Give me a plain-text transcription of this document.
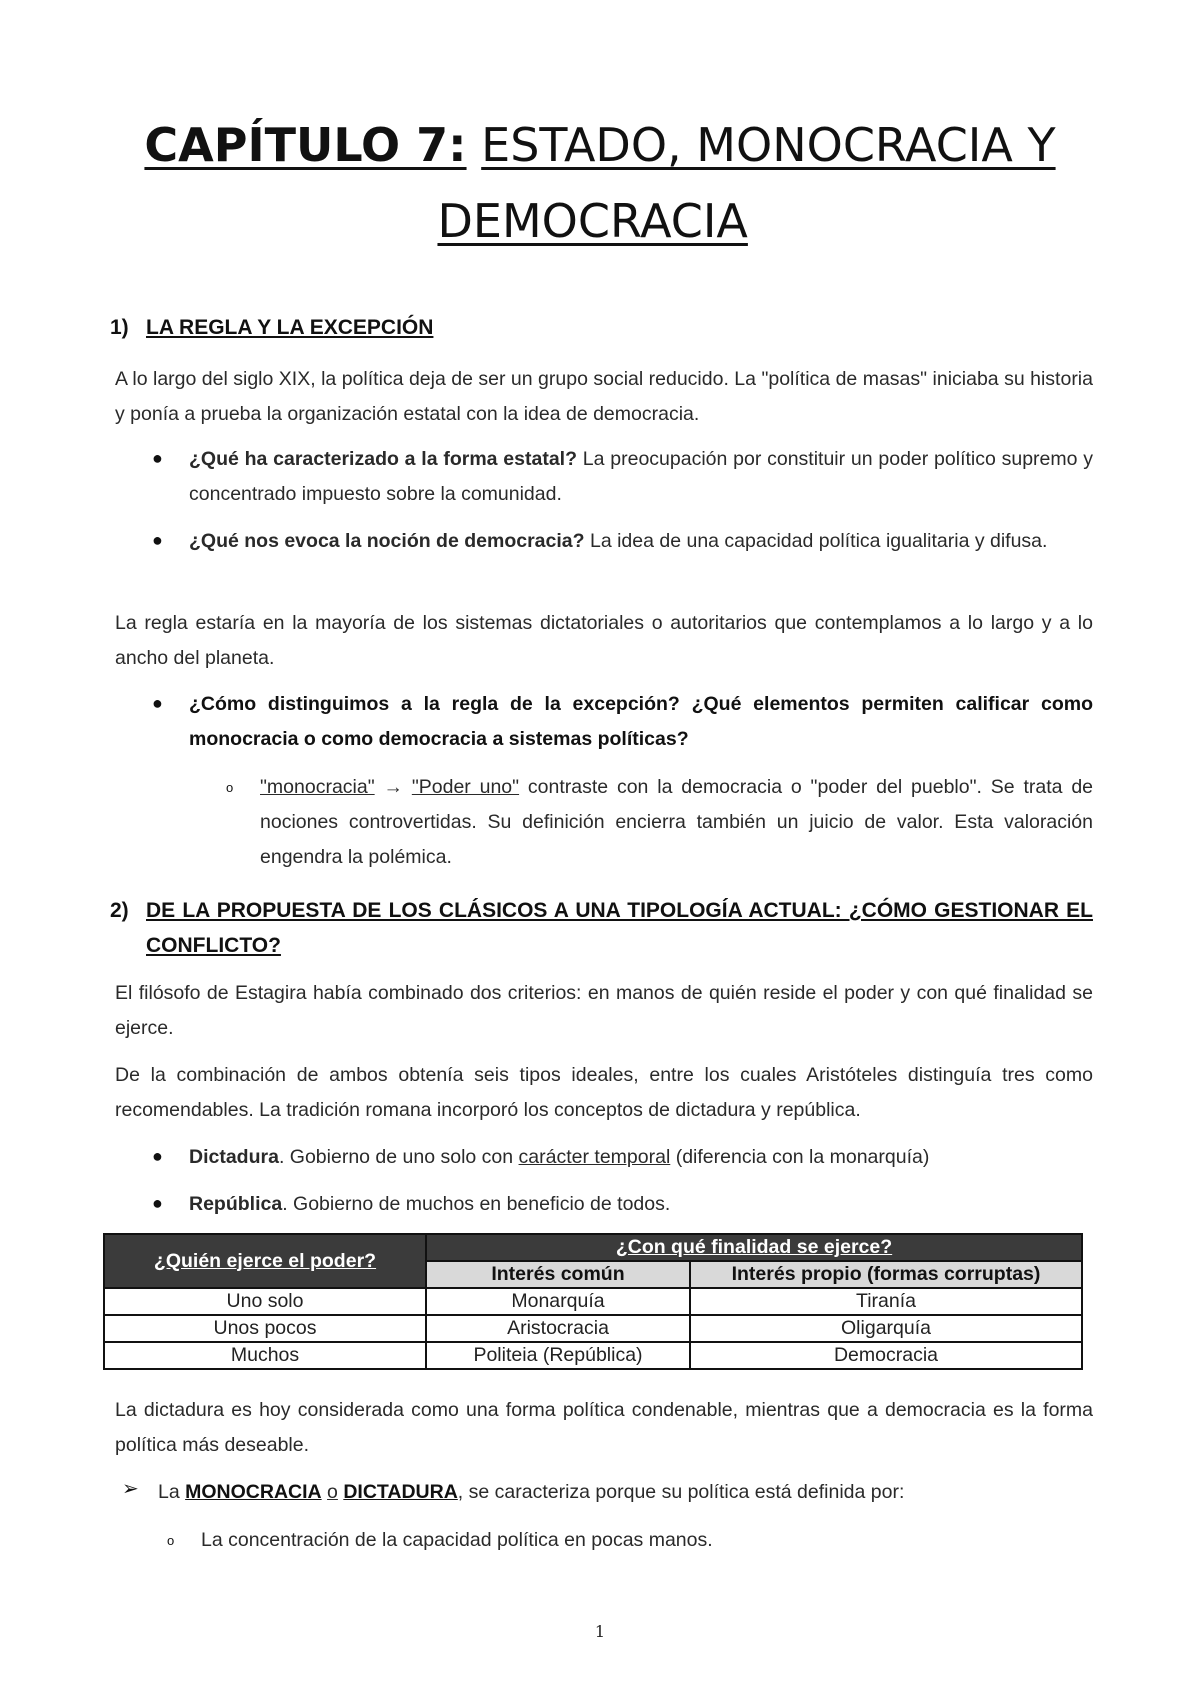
CAPÍTULO 7: ESTADO, MONOCRACIA Y
DEMOCRACIA
1) LA REGLA Y LA EXCEPCIÓN
A lo largo del siglo XIX, la política deja de ser un grupo social reducido. La "política de masas" iniciaba su historia y ponía a prueba la organización estatal con la idea de democracia.
● ¿Qué ha caracterizado a la forma estatal? La preocupación por constituir un poder político supremo y concentrado impuesto sobre la comunidad.
● ¿Qué nos evoca la noción de democracia? La idea de una capacidad política igualitaria y difusa.
La regla estaría en la mayoría de los sistemas dictatoriales o autoritarios que contemplamos a lo largo y a lo ancho del planeta.
● ¿Cómo distinguimos a la regla de la excepción? ¿Qué elementos permiten calificar como monocracia o como democracia a sistemas políticas?
o "monocracia" → "Poder uno" contraste con la democracia o "poder del pueblo". Se trata de nociones controvertidas. Su definición encierra también un juicio de valor. Esta valoración engendra la polémica.
2) DE LA PROPUESTA DE LOS CLÁSICOS A UNA TIPOLOGÍA ACTUAL: ¿CÓMO GESTIONAR EL CONFLICTO?
El filósofo de Estagira había combinado dos criterios: en manos de quién reside el poder y con qué finalidad se ejerce.
De la combinación de ambos obtenía seis tipos ideales, entre los cuales Aristóteles distinguía tres como recomendables. La tradición romana incorporó los conceptos de dictadura y república.
● Dictadura. Gobierno de uno solo con carácter temporal (diferencia con la monarquía)
● República. Gobierno de muchos en beneficio de todos.
¿Quién ejerce el poder?	¿Con qué finalidad se ejerce?	
	Interés común	Interés propio (formas corruptas)
Uno solo	Monarquía	Tiranía
Unos pocos	Aristocracia	Oligarquía
Muchos	Politeia (República)	Democracia
La dictadura es hoy considerada como una forma política condenable, mientras que a democracia es la forma política más deseable.
➢ La MONOCRACIA o DICTADURA, se caracteriza porque su política está definida por:
o La concentración de la capacidad política en pocas manos.
1
